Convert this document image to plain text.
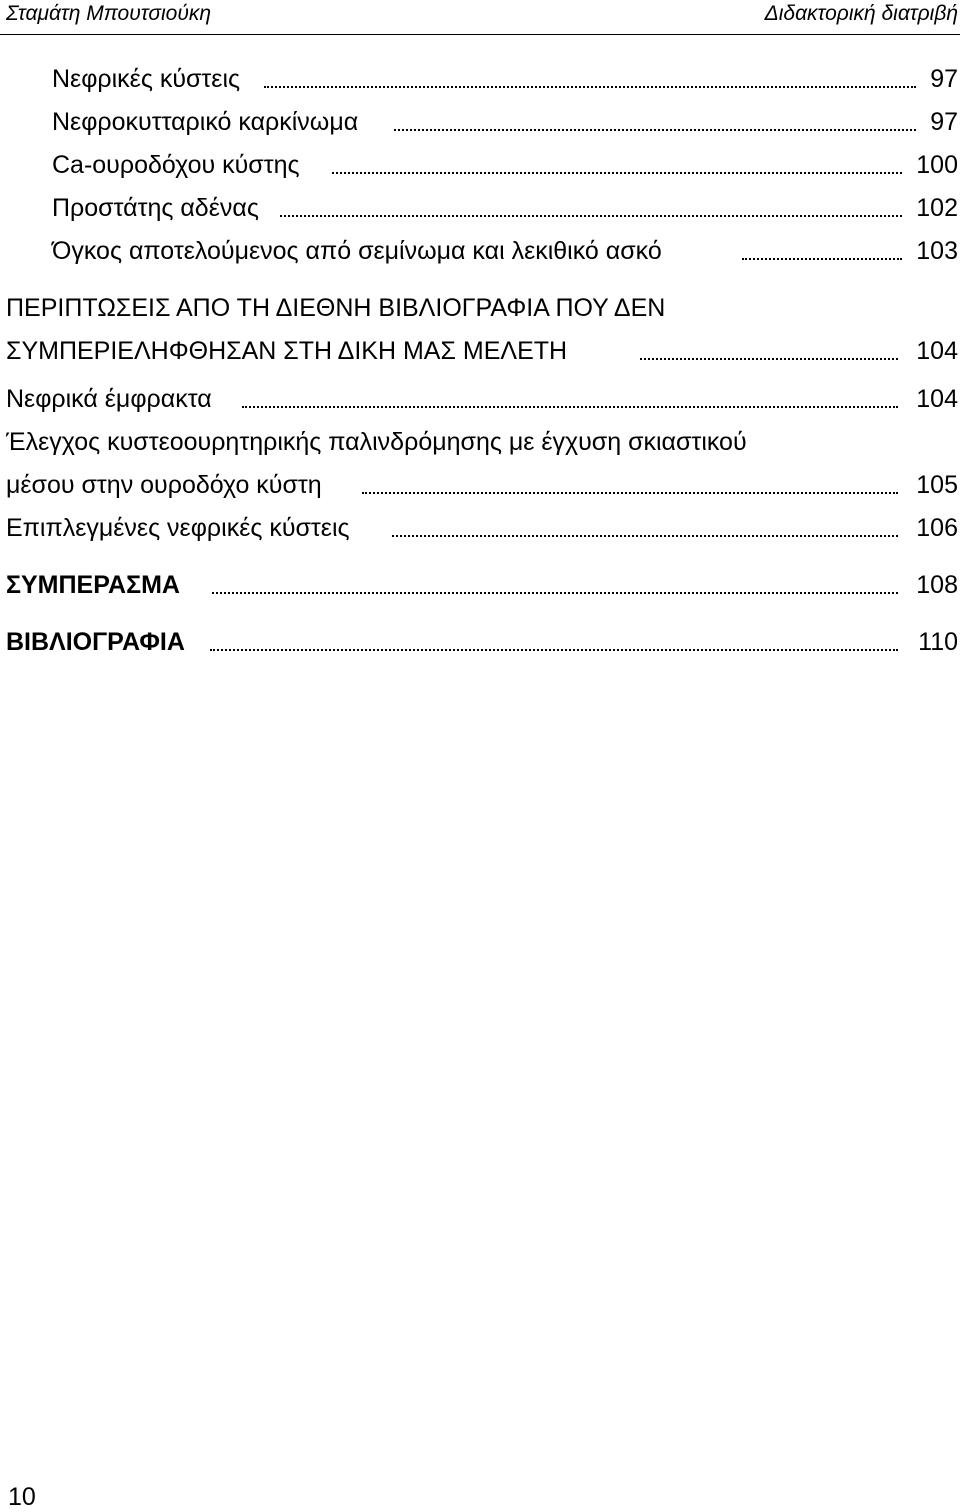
Σταμάτη Μπουτσιούκη	Διδακτορική διατριβή
Νεφρικές κύστεις	97
Νεφροκυτταρικό καρκίνωμα	97
Ca-ουροδόχου κύστης	100
Προστάτης αδένας	102
Όγκος αποτελούμενος από σεμίνωμα και λεκιθικό ασκό	103
ΠΕΡΙΠΤΩΣΕΙΣ ΑΠΟ ΤΗ ΔΙΕΘΝΗ ΒΙΒΛΙΟΓΡΑΦΙΑ ΠΟΥ ΔΕΝ
ΣΥΜΠΕΡΙΕΛΗΦΘΗΣΑΝ ΣΤΗ ΔΙΚΗ ΜΑΣ ΜΕΛΕΤΗ	104
Νεφρικά έμφρακτα	104
Έλεγχος κυστεοουρητηρικής παλινδρόμησης με έγχυση σκιαστικού
μέσου στην ουροδόχο κύστη	105
Επιπλεγμένες νεφρικές κύστεις	106
ΣΥΜΠΕΡΑΣΜΑ	108
ΒΙΒΛΙΟΓΡΑΦΙΑ	110
10
